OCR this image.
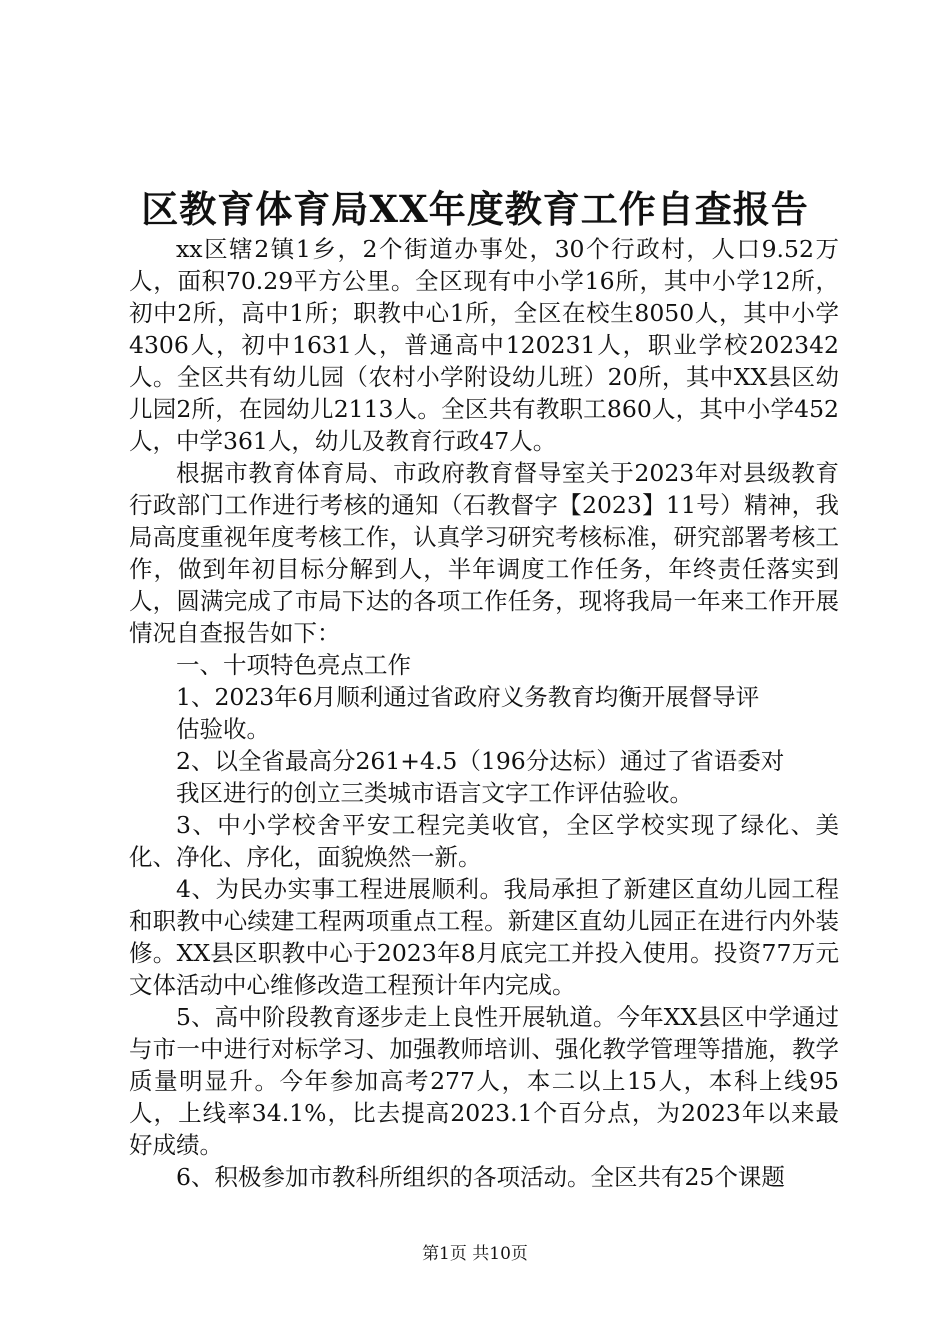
区教育体育局XX年度教育工作自查报告

xx区辖2镇1乡，2个街道办事处，30个行政村，人口9.52万人，面积70.29平方公里。全区现有中小学16所，其中小学12所，初中2所，高中1所；职教中心1所，全区在校生8050人，其中小学4306人，初中1631人，普通高中120231人，职业学校202342人。全区共有幼儿园（农村小学附设幼儿班）20所，其中XX县区幼儿园2所，在园幼儿2113人。全区共有教职工860人，其中小学452人，中学361人，幼儿及教育行政47人。

根据市教育体育局、市政府教育督导室关于2023年对县级教育行政部门工作进行考核的通知（石教督字【2023】11号）精神，我局高度重视年度考核工作，认真学习研究考核标准，研究部署考核工作，做到年初目标分解到人，半年调度工作任务，年终责任落实到人，圆满完成了市局下达的各项工作任务，现将我局一年来工作开展情况自查报告如下：

一、十项特色亮点工作

1、2023年6月顺利通过省政府义务教育均衡开展督导评
估验收。

2、以全省最高分261+4.5（196分达标）通过了省语委对
我区进行的创立三类城市语言文字工作评估验收。

3、中小学校舍平安工程完美收官，全区学校实现了绿化、美化、净化、序化，面貌焕然一新。

4、为民办实事工程进展顺利。我局承担了新建区直幼儿园工程和职教中心续建工程两项重点工程。新建区直幼儿园正在进行内外装修。XX县区职教中心于2023年8月底完工并投入使用。投资77万元文体活动中心维修改造工程预计年内完成。

5、高中阶段教育逐步走上良性开展轨道。今年XX县区中学通过与市一中进行对标学习、加强教师培训、强化教学管理等措施，教学质量明显升。今年参加高考277人，本二以上15人，本科上线95人，上线率34.1%，比去提高2023.1个百分点，为2023年以来最好成绩。

6、积极参加市教科所组织的各项活动。全区共有25个课题

第1页 共10页
